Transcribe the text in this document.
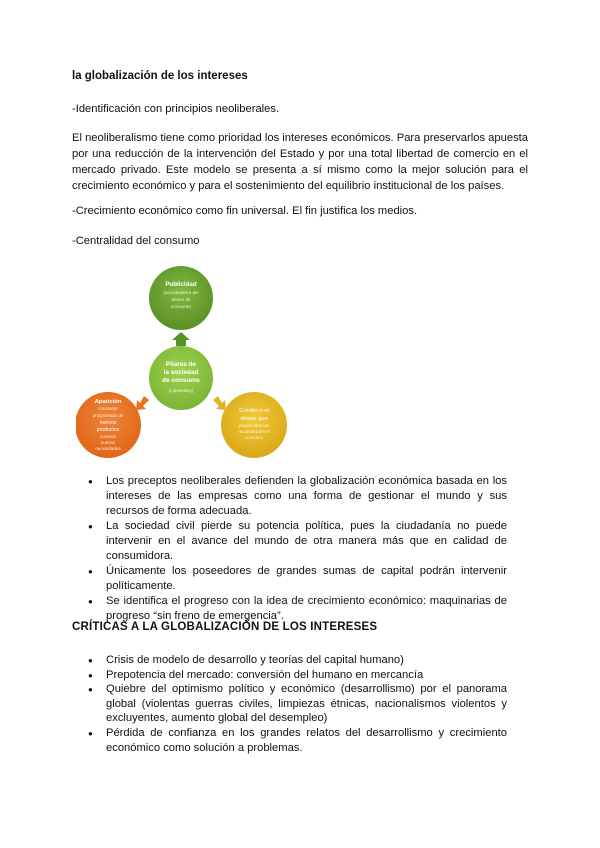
la globalización de los intereses
-Identificación con principios neoliberales.
El neoliberalismo tiene como prioridad los intereses económicos. Para preservarlos apuesta por una reducción de la intervención del Estado y por una total libertad de comercio en el mercado privado. Este modelo se presenta a sí mismo como la mejor solución para el crecimiento económico y para el sostenimiento del equilibrio institucional de los países.
-Crecimiento económico como fin universal. El fin justifica los medios.
-Centralidad del consumo
Publicidad
(acicateadora del
deseo de
consumir)
Pilares de
la sociedad
de consumo
(Lipovetsky)
Crédito o el
dinero que
proporciona los
recursos para el
consumo
Aparición
constante
programada de
nuevos
productos
creando
nuevas
necesidades
● Los preceptos neoliberales defienden la globalización económica basada en los intereses de las empresas como una forma de gestionar el mundo y sus recursos de forma adecuada.
● La sociedad civil pierde su potencia política, pues la ciudadanía no puede intervenir en el avance del mundo de otra manera más que en calidad de consumidora.
● Únicamente los poseedores de grandes sumas de capital podrán intervenir políticamente.
● Se identifica el progreso con la idea de crecimiento económico: maquinarias de progreso “sin freno de emergencia”.
CRÍTICAS A LA GLOBALIZACIÓN DE LOS INTERESES
● Crisis de modelo de desarrollo y teorías del capital humano)
● Prepotencia del mercado: conversión del humano en mercancía
● Quiebre del optimismo político y económico (desarrollismo) por el panorama global (violentas guerras civiles, limpiezas étnicas, nacionalismos violentos y excluyentes, aumento global del desempleo)
● Pérdida de confianza en los grandes relatos del desarrollismo y crecimiento económico como solución a problemas.
